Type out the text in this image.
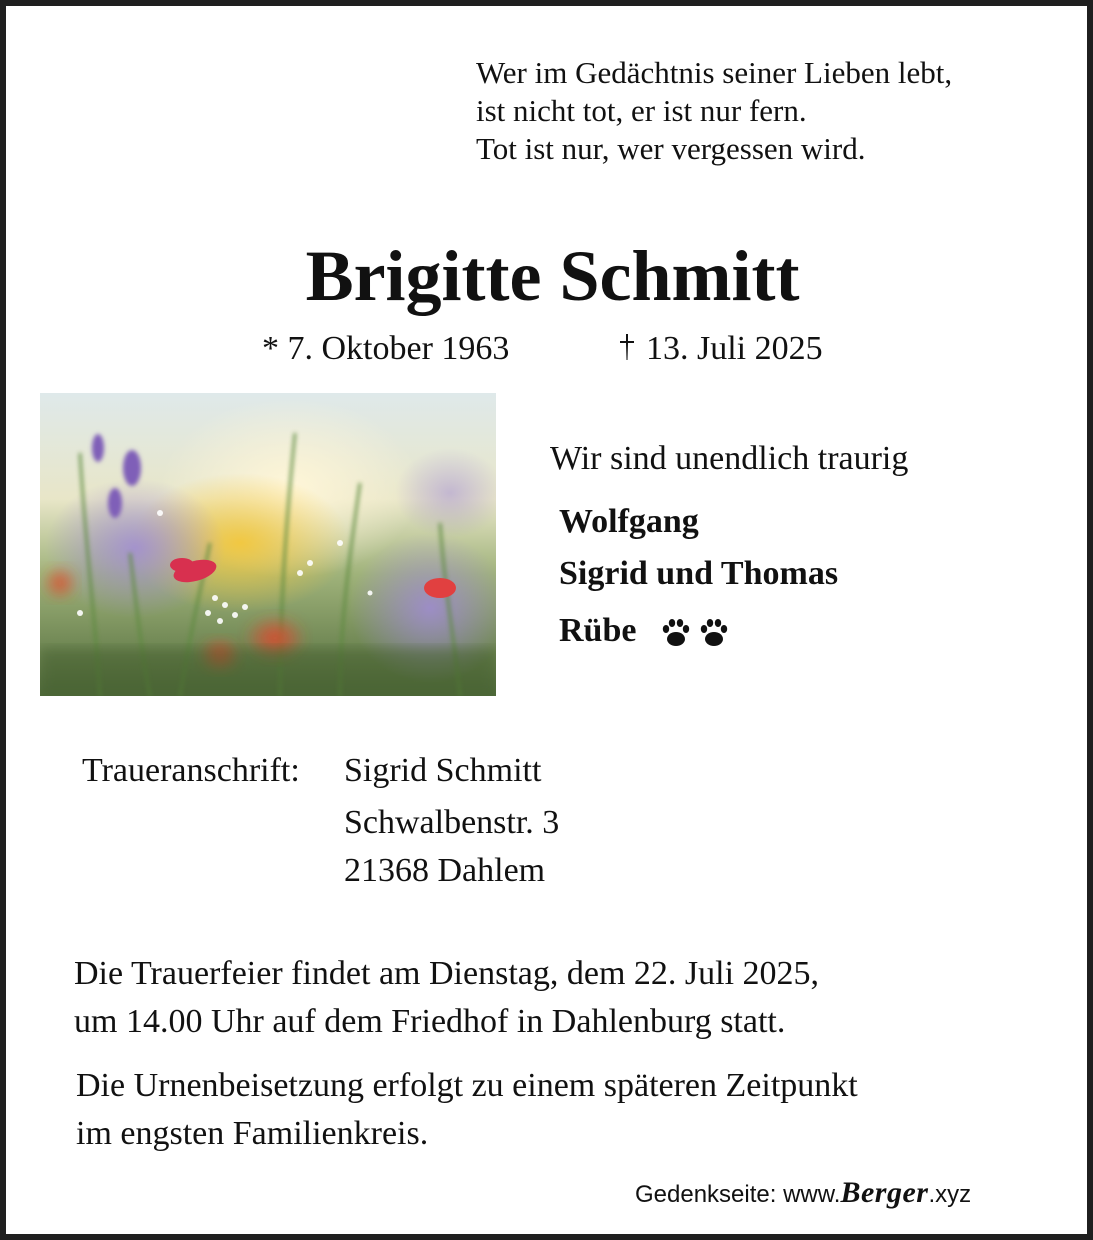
Wer im Gedächtnis seiner Lieben lebt,
ist nicht tot, er ist nur fern.
Tot ist nur, wer vergessen wird.
Brigitte Schmitt
* 7. Oktober 1963	13. Juli 2025
Wir sind unendlich traurig
Wolfgang
Sigrid und Thomas
Rübe
Traueranschrift: Sigrid Schmitt
Schwalbenstr. 3
21368 Dahlem
Die Trauerfeier findet am Dienstag, dem 22. Juli 2025,
um 14.00 Uhr auf dem Friedhof in Dahlenburg statt.
Die Urnenbeisetzung erfolgt zu einem späteren Zeitpunkt
im engsten Familienkreis.
Gedenkseite: www.Berger.xyz
